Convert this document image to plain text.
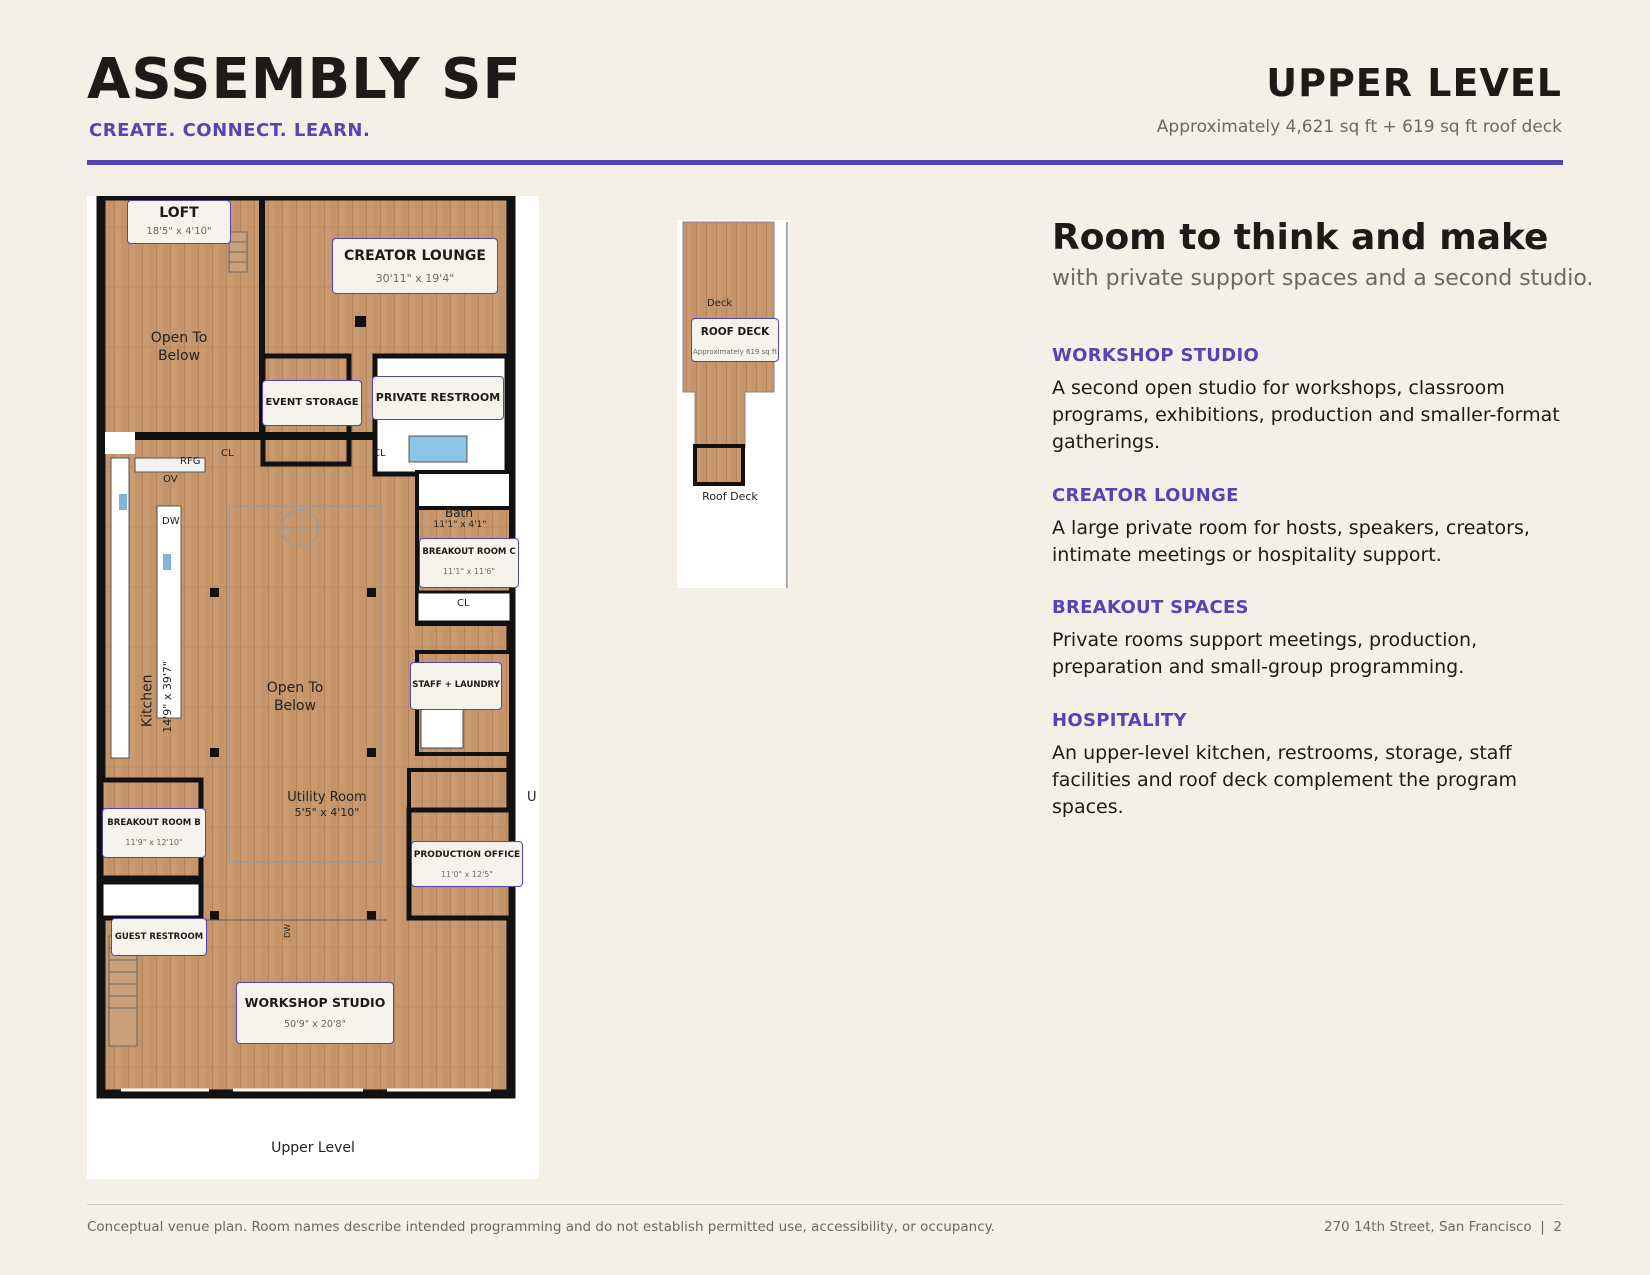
ASSEMBLY SF
CREATE. CONNECT. LEARN.
UPPER LEVEL
Approximately 4,621 sq ft + 619 sq ft roof deck
Open To Below
Open To Below
CL	CL
CL
RFG
OV
DW
DW
Kitchen 14'9" x 39'7"
Bath
11'1" x 4'1"
Utility Room
5'5" x 4'10"
U
LOFT
18'5" x 4'10"
CREATOR LOUNGE
30'11" x 19'4"
EVENT STORAGE PRIVATE RESTROOM
BREAKOUT ROOM C
11'1" x 11'6"
STAFF + LAUNDRY
BREAKOUT ROOM B
11'9" x 12'10"
PRODUCTION OFFICE
11'0" x 12'5"
GUEST RESTROOM
WORKSHOP STUDIO
50'9" x 20'8"
Upper Level
Deck
ROOF DECK
Approximately 619 sq ft
Roof Deck
Room to think and make
with private support spaces and a second studio.
WORKSHOP STUDIO
A second open studio for workshops, classroom programs, exhibitions, production and smaller-format gatherings.
CREATOR LOUNGE
A large private room for hosts, speakers, creators, intimate meetings or hospitality support.
BREAKOUT SPACES
Private rooms support meetings, production, preparation and small-group programming.
HOSPITALITY
An upper-level kitchen, restrooms, storage, staff facilities and roof deck complement the program spaces.
Conceptual venue plan. Room names describe intended programming and do not establish permitted use, accessibility, or occupancy.	270 14th Street, San Francisco  |  2
